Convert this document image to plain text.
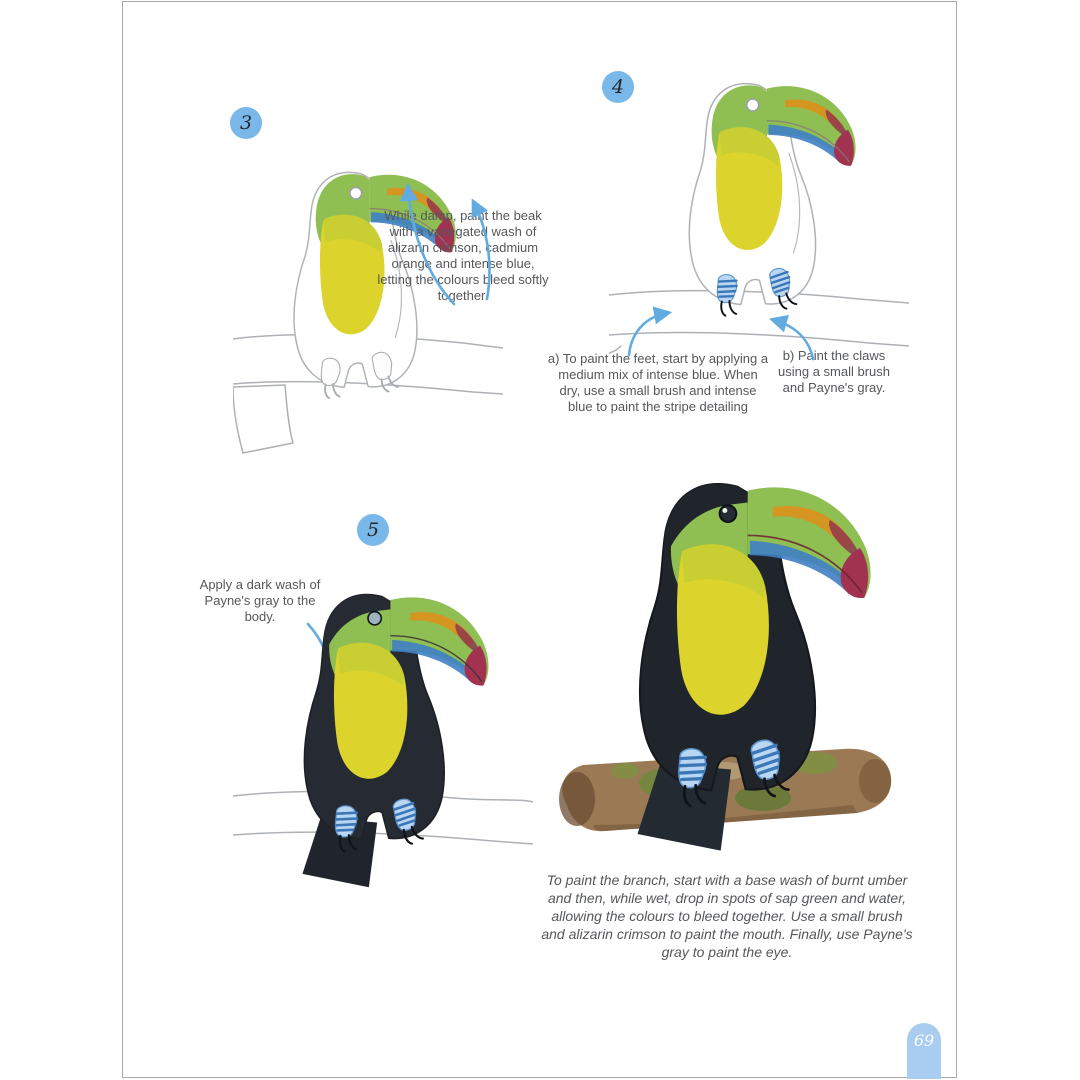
3
While damp, paint the beak with a variegated wash of alizarin crimson, cadmium orange and intense blue, letting the colours bleed softly together.
4
a) To paint the feet, start by applying a medium mix of intense blue. When dry, use a small brush and intense blue to paint the stripe detailing
b) Paint the claws using a small brush and Payne's gray.
5
Apply a dark wash of Payne's gray to the body.
To paint the branch, start with a base wash of burnt umber and then, while wet, drop in spots of sap green and water, allowing the colours to bleed together. Use a small brush and alizarin crimson to paint the mouth. Finally, use Payne's gray to paint the eye.
69
